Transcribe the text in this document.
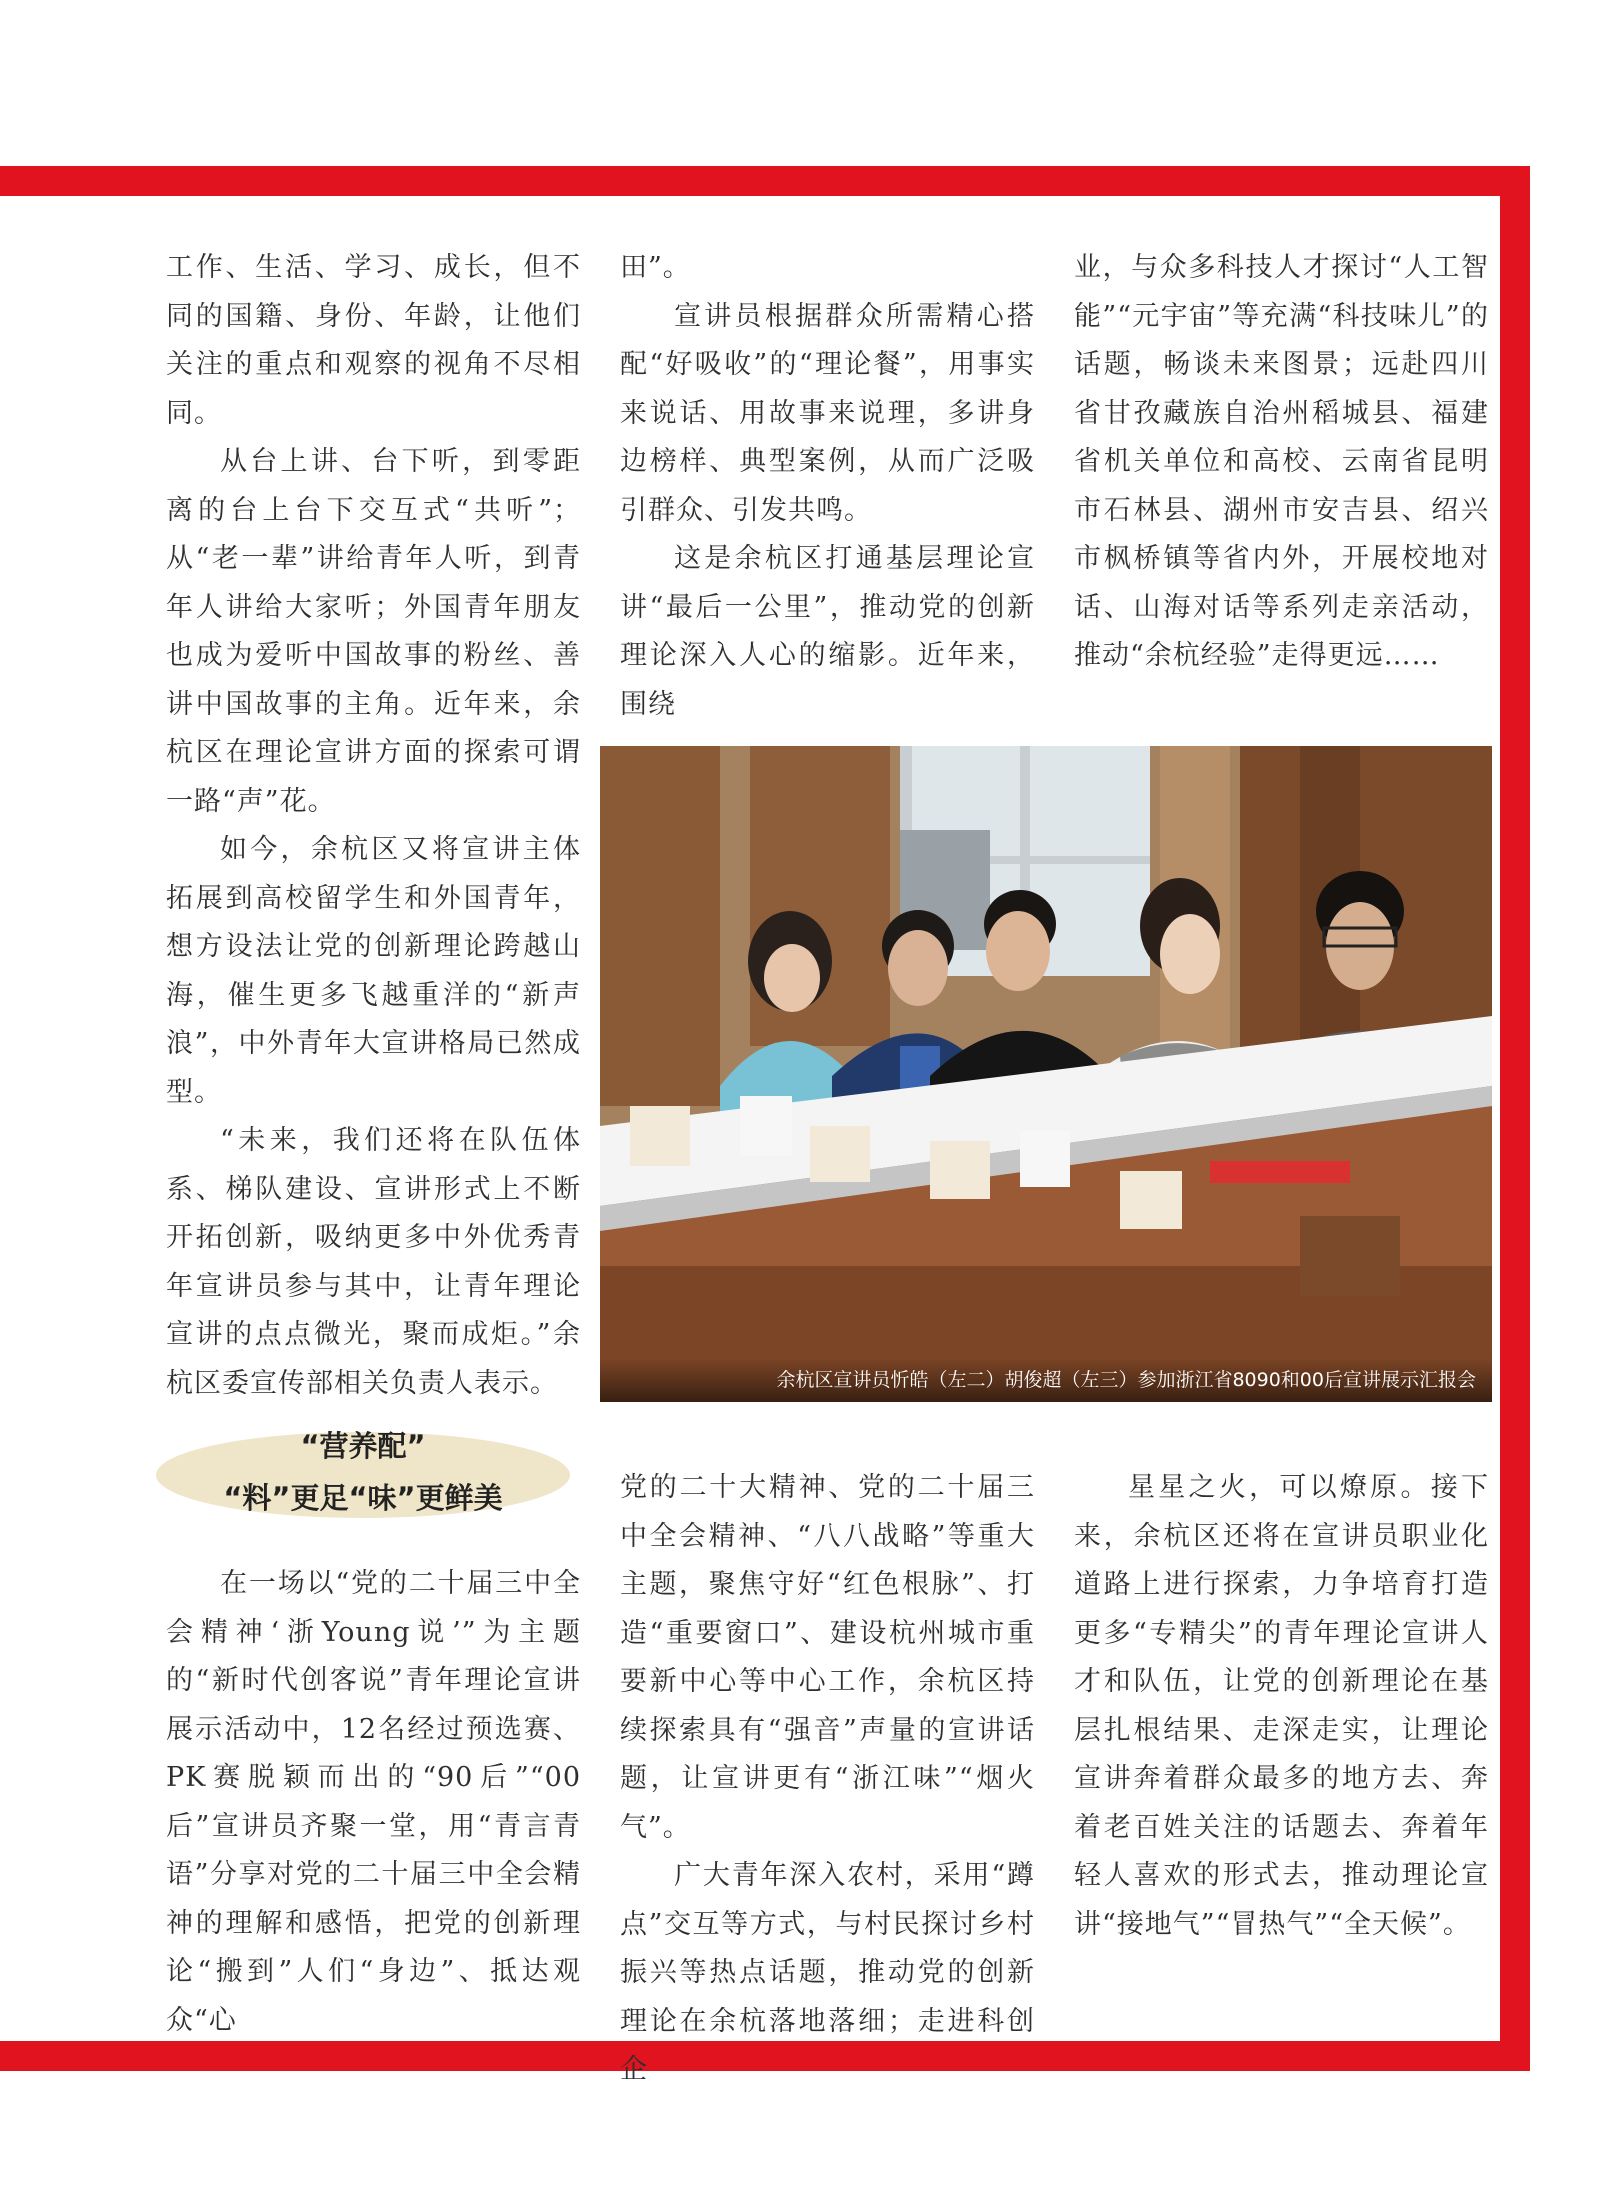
工作、生活、学习、成长，但不同的国籍、身份、年龄，让他们关注的重点和观察的视角不尽相同。

从台上讲、台下听，到零距离的台上台下交互式“共听”；从“老一辈”讲给青年人听，到青年人讲给大家听；外国青年朋友也成为爱听中国故事的粉丝、善讲中国故事的主角。近年来，余杭区在理论宣讲方面的探索可谓一路“声”花。

如今，余杭区又将宣讲主体拓展到高校留学生和外国青年，想方设法让党的创新理论跨越山海，催生更多飞越重洋的“新声浪”，中外青年大宣讲格局已然成型。

“未来，我们还将在队伍体系、梯队建设、宣讲形式上不断开拓创新，吸纳更多中外优秀青年宣讲员参与其中，让青年理论宣讲的点点微光，聚而成炬。”余杭区委宣传部相关负责人表示。

田”。

宣讲员根据群众所需精心搭配“好吸收”的“理论餐”，用事实来说话、用故事来说理，多讲身边榜样、典型案例，从而广泛吸引群众、引发共鸣。

这是余杭区打通基层理论宣讲“最后一公里”，推动党的创新理论深入人心的缩影。近年来，围绕

业，与众多科技人才探讨“人工智能”“元宇宙”等充满“科技味儿”的话题，畅谈未来图景；远赴四川省甘孜藏族自治州稻城县、福建省机关单位和高校、云南省昆明市石林县、湖州市安吉县、绍兴市枫桥镇等省内外，开展校地对话、山海对话等系列走亲活动，推动“余杭经验”走得更远……

余杭区宣讲员忻皓（左二）胡俊超（左三）参加浙江省8090和00后宣讲展示汇报会
“营养配”
“料”更足“味”更鲜美

在一场以“党的二十届三中全会精神‘浙Young说’”为主题的“新时代创客说”青年理论宣讲展示活动中，12名经过预选赛、PK赛脱颖而出的“90后”“00后”宣讲员齐聚一堂，用“青言青语”分享对党的二十届三中全会精神的理解和感悟，把党的创新理论“搬到”人们“身边”、抵达观众“心

党的二十大精神、党的二十届三中全会精神、“八八战略”等重大主题，聚焦守好“红色根脉”、打造“重要窗口”、建设杭州城市重要新中心等中心工作，余杭区持续探索具有“强音”声量的宣讲话题，让宣讲更有“浙江味”“烟火气”。

广大青年深入农村，采用“蹲点”交互等方式，与村民探讨乡村振兴等热点话题，推动党的创新理论在余杭落地落细；走进科创企

星星之火，可以燎原。接下来，余杭区还将在宣讲员职业化道路上进行探索，力争培育打造更多“专精尖”的青年理论宣讲人才和队伍，让党的创新理论在基层扎根结果、走深走实，让理论宣讲奔着群众最多的地方去、奔着老百姓关注的话题去、奔着年轻人喜欢的形式去，推动理论宣讲“接地气”“冒热气”“全天候”。
